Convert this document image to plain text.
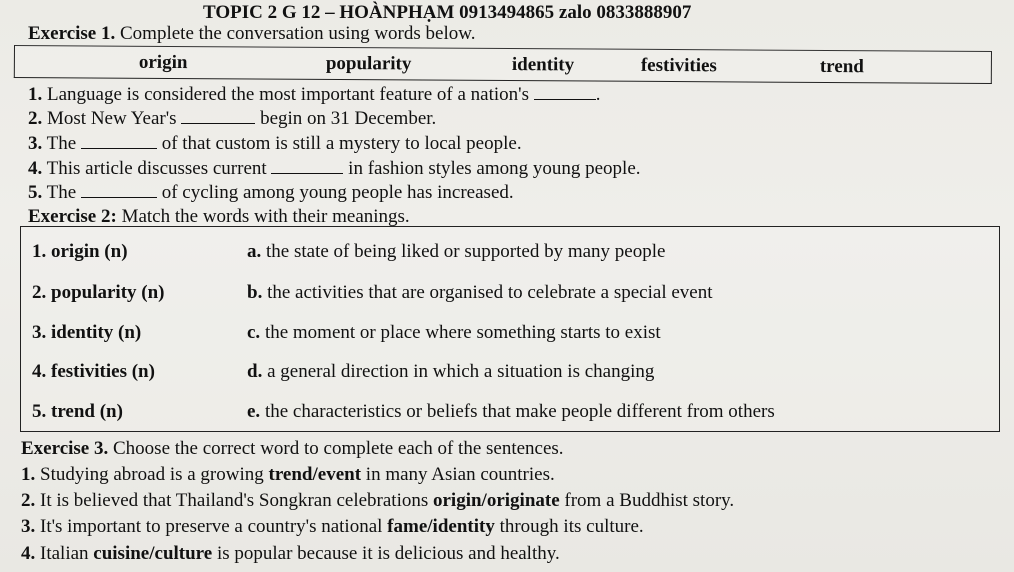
TOPIC 2 G 12 – HOÀNPHẠM 0913494865 zalo 0833888907
Exercise 1. Complete the conversation using words below.
origin	popularity	identity	festivities	trend
1. Language is considered the most important feature of a nation's	.
2. Most New Year's	begin on 31 December.
3. The	of that custom is still a mystery to local people.
4. This article discusses current	in fashion styles among young people.
5. The	of cycling among young people has increased.
Exercise 2: Match the words with their meanings.
1. origin (n)	a. the state of being liked or supported by many people
2. popularity (n)	b. the activities that are organised to celebrate a special event
3. identity (n)	c. the moment or place where something starts to exist
4. festivities (n)	d. a general direction in which a situation is changing
5. trend (n)	e. the characteristics or beliefs that make people different from others
Exercise 3. Choose the correct word to complete each of the sentences.
1. Studying abroad is a growing trend/event in many Asian countries.
2. It is believed that Thailand's Songkran celebrations origin/originate from a Buddhist story.
3. It's important to preserve a country's national fame/identity through its culture.
4. Italian cuisine/culture is popular because it is delicious and healthy.
